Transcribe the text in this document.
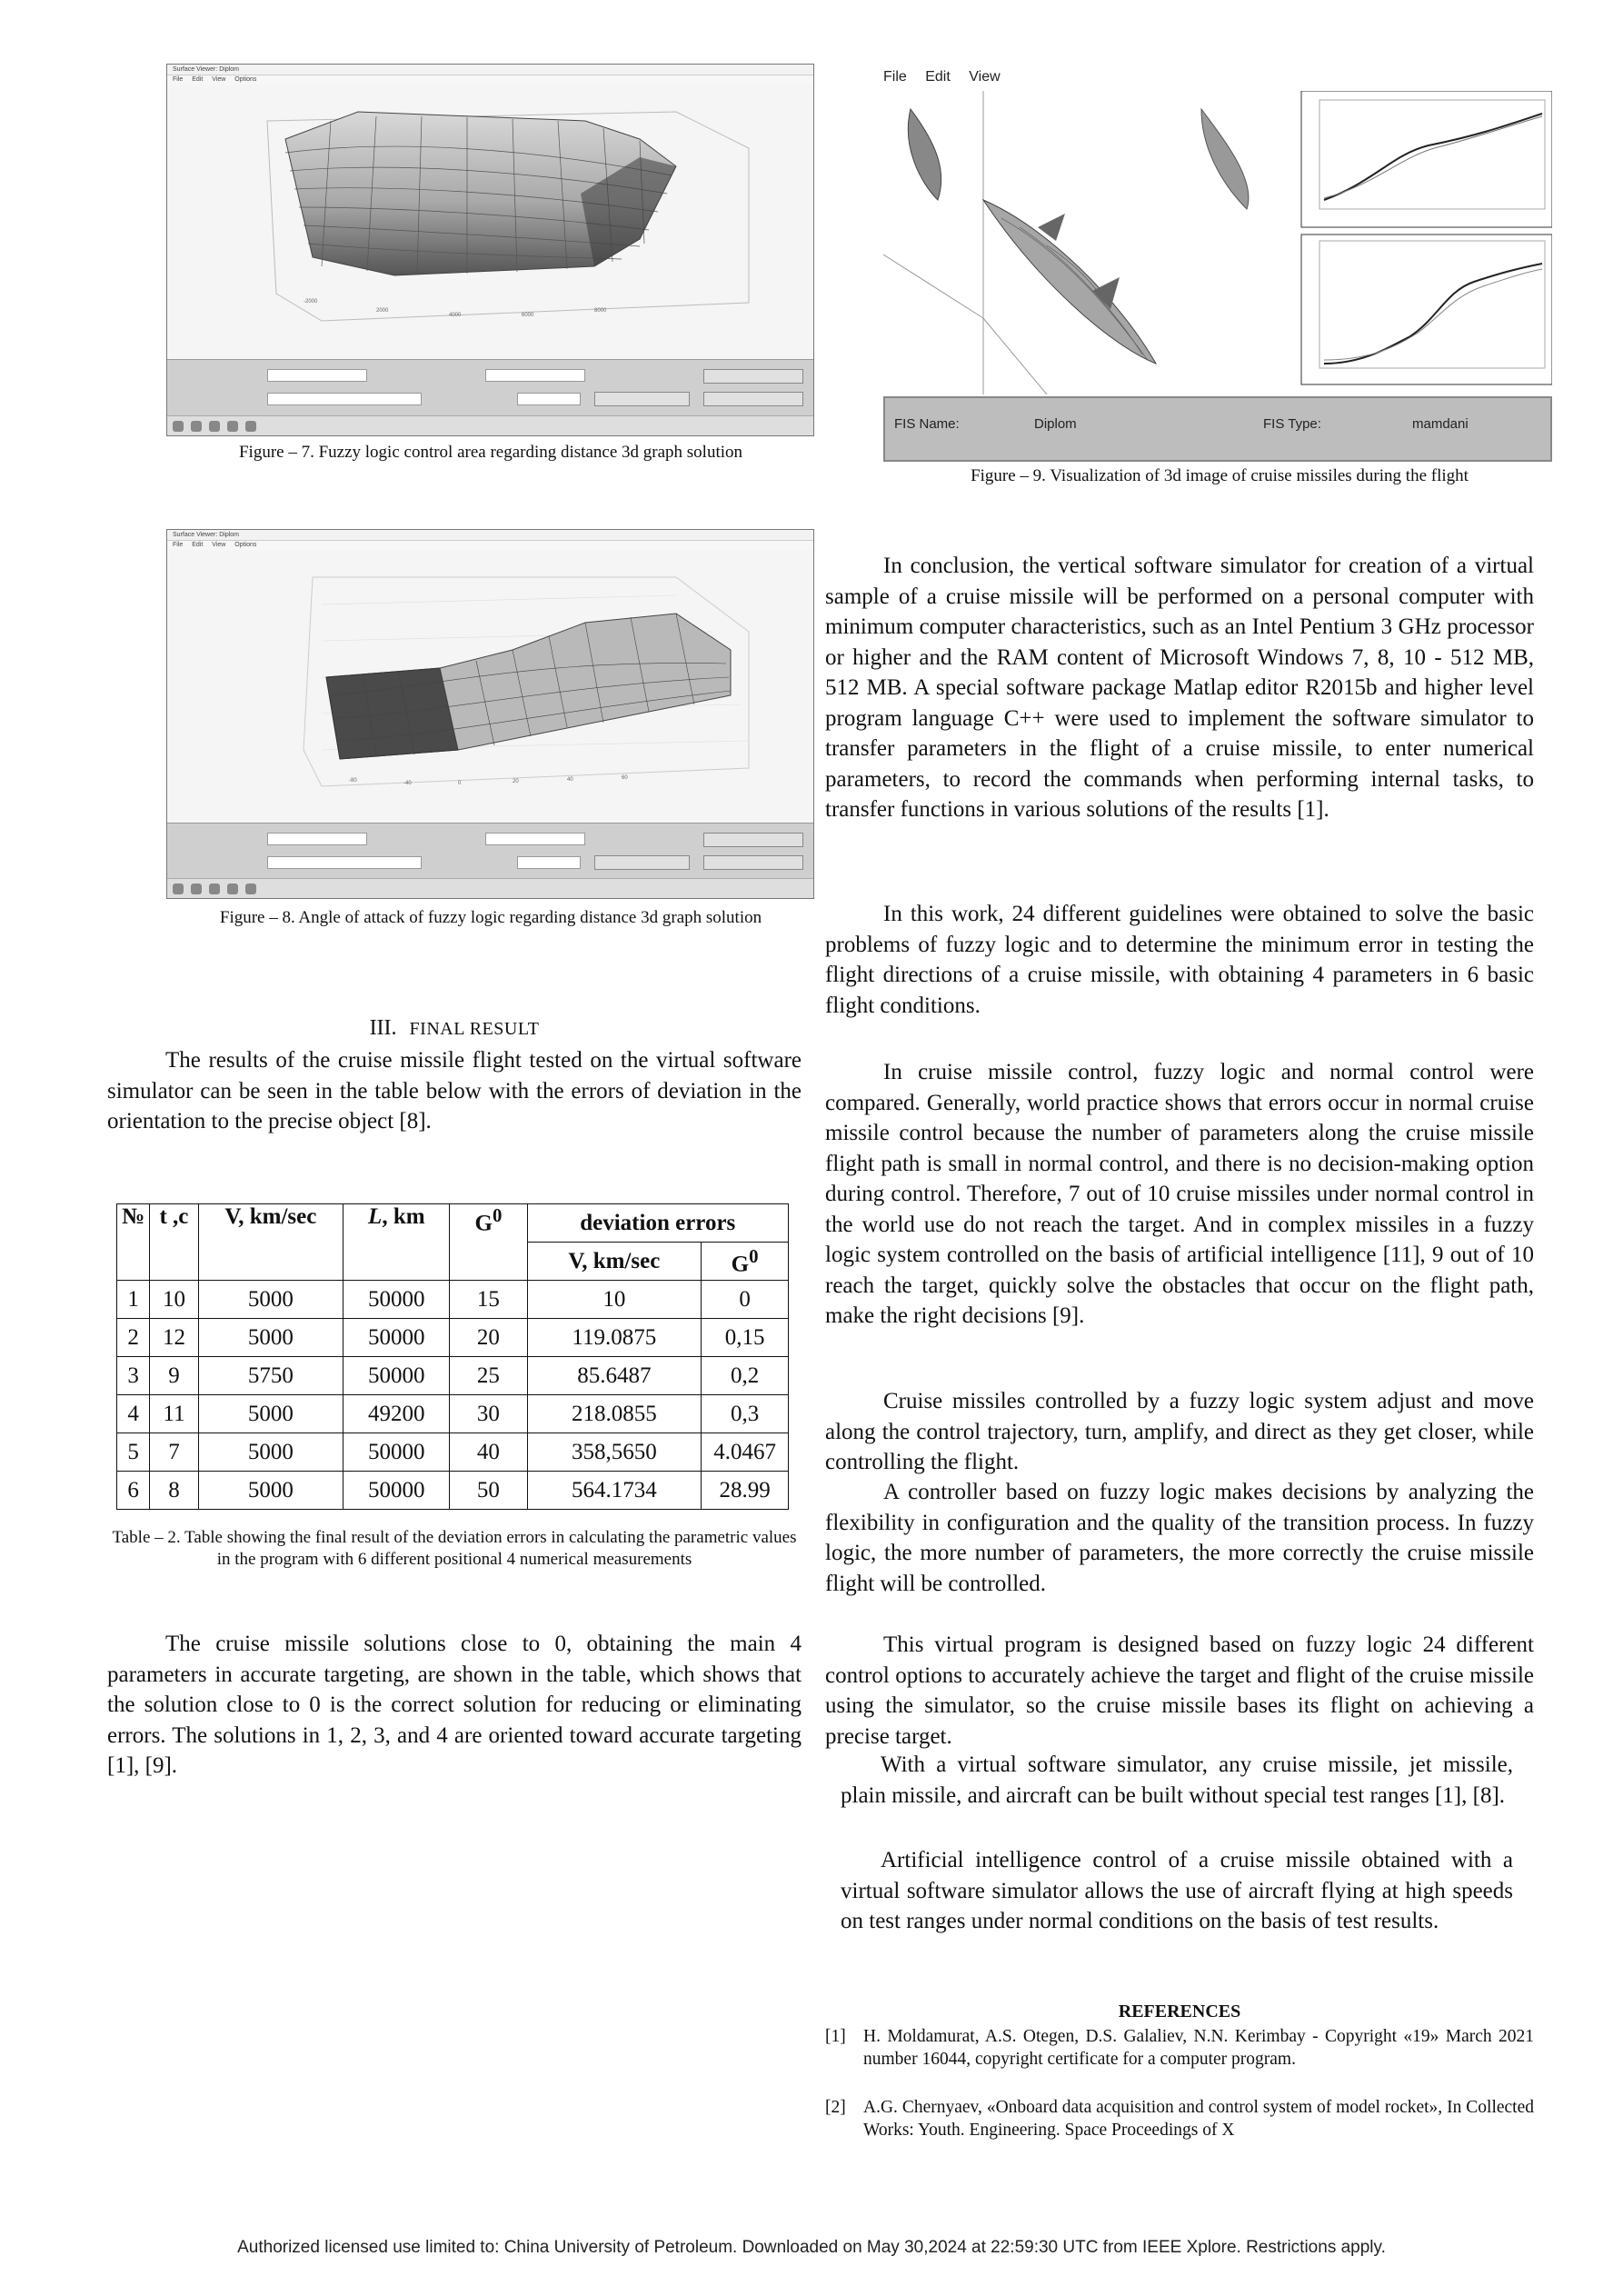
Surface Viewer: Diplom
File Edit View Options
-2000
2000
4000	6000
8000
Figure – 7. Fuzzy logic control area regarding distance 3d graph solution
Surface Viewer: Diplom
File Edit View Options
-80	-40	0	20	40	60
Figure – 8. Angle of attack of fuzzy logic regarding distance 3d graph solution
File Edit View
FIS Name:	Diplom	FIS Type:	mamdani
Figure – 9. Visualization of 3d image of cruise missiles during the flight
III. FINAL RESULT
The results of the cruise missile flight tested on the virtual software simulator can be seen in the table below with the errors of deviation in the orientation to the precise object [8].
№	t ,c	V, km/sec	L, km	$G^0$	deviation errors	
					V, km/sec	$G^0$
1	10	5000	50000	15	10	0
2	12	5000	50000	20	119.0875	0,15
3	9	5750	50000	25	85.6487	0,2
4	11	5000	49200	30	218.0855	0,3
5	7	5000	50000	40	358,5650	4.0467
6	8	5000	50000	50	564.1734	28.99
Table – 2. Table showing the final result of the deviation errors in calculating the parametric values in the program with 6 different positional 4 numerical measurements
The cruise missile solutions close to 0, obtaining the main 4 parameters in accurate targeting, are shown in the table, which shows that the solution close to 0 is the correct solution for reducing or eliminating errors. The solutions in 1, 2, 3, and 4 are oriented toward accurate targeting [1], [9].
In conclusion, the vertical software simulator for creation of a virtual sample of a cruise missile will be performed on a personal computer with minimum computer characteristics, such as an Intel Pentium 3 GHz processor or higher and the RAM content of Microsoft Windows 7, 8, 10 - 512 MB, 512 MB. A special software package Matlap editor R2015b and higher level program language C++ were used to implement the software simulator to transfer parameters in the flight of a cruise missile, to enter numerical parameters, to record the commands when performing internal tasks, to transfer functions in various solutions of the results [1].
In this work, 24 different guidelines were obtained to solve the basic problems of fuzzy logic and to determine the minimum error in testing the flight directions of a cruise missile, with obtaining 4 parameters in 6 basic flight conditions.
In cruise missile control, fuzzy logic and normal control were compared. Generally, world practice shows that errors occur in normal cruise missile control because the number of parameters along the cruise missile flight path is small in normal control, and there is no decision-making option during control. Therefore, 7 out of 10 cruise missiles under normal control in the world use do not reach the target. And in complex missiles in a fuzzy logic system controlled on the basis of artificial intelligence [11], 9 out of 10 reach the target, quickly solve the obstacles that occur on the flight path, make the right decisions [9].
Cruise missiles controlled by a fuzzy logic system adjust and move along the control trajectory, turn, amplify, and direct as they get closer, while controlling the flight.
A controller based on fuzzy logic makes decisions by analyzing the flexibility in configuration and the quality of the transition process. In fuzzy logic, the more number of parameters, the more correctly the cruise missile flight will be controlled.
This virtual program is designed based on fuzzy logic 24 different control options to accurately achieve the target and flight of the cruise missile using the simulator, so the cruise missile bases its flight on achieving a precise target.
With a virtual software simulator, any cruise missile, jet missile, plain missile, and aircraft can be built without special test ranges [1], [8].
Artificial intelligence control of a cruise missile obtained with a virtual software simulator allows the use of aircraft flying at high speeds on test ranges under normal conditions on the basis of test results.
REFERENCES
[1] H. Moldamurat, A.S. Otegen, D.S. Galaliev, N.N. Kerimbay - Copyright «19» March 2021 number 16044, copyright certificate for a computer program.
[2] A.G. Chernyaev, «Onboard data acquisition and control system of model rocket», In Collected Works: Youth. Engineering. Space Proceedings of X
Authorized licensed use limited to: China University of Petroleum. Downloaded on May 30,2024 at 22:59:30 UTC from IEEE Xplore. Restrictions apply.
